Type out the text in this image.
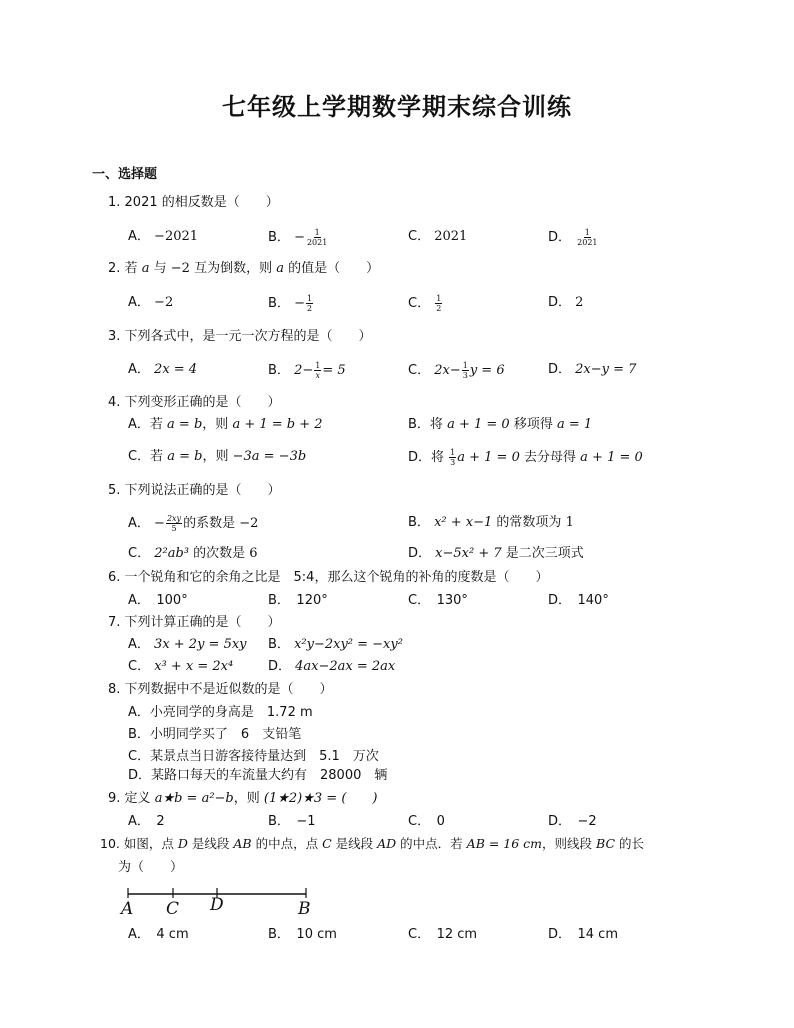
七年级上学期数学期末综合训练
一、选择题
1. 2021 的相反数是（　　）
A． −2021	B． − $\frac{1}{2021}$	C． 2021	D． $\frac{1}{2021}$
2. 若 a 与 −2 互为倒数，则 a 的值是（　　）
A． −2	B． − $\frac{1}{2}$	C． $\frac{1}{2}$	D． 2
3. 下列各式中，是一元一次方程的是（　　）
A． 2x = 4	B． $2- \frac{1}{x} = 5$	C． $2x- \frac{1}{3}$ y = 6	D． 2x−y = 7
4. 下列变形正确的是（　　）
A．若 a = b，则 a + 1 = b + 2	B．将 a + 1 = 0 移项得 a = 1
C．若 a = b，则 −3a = −3b	D．将 $\frac{1}{3}$ a + 1 = 0 去分母得 a + 1 = 0
5. 下列说法正确的是（　　）
A． − $\frac{2xy}{5}$ 的系数是 −2	B． x² + x−1 的常数项为 1
C． 2²ab³ 的次数是 6	D． x−5x² + 7 是二次三项式
6. 一个锐角和它的余角之比是　5:4，那么这个锐角的补角的度数是（　　）
A．　100°	B．　120°	C．　130°	D．　140°
7. 下列计算正确的是（　　）
A． 3x + 2y = 5xy B． x²y−2xy² = −xy²
C． x³ + x = 2x⁴	D． 4ax−2ax = 2ax
8. 下列数据中不是近似数的是（　　）
A．小亮同学的身高是　1.72 m
B．小明同学买了　6　支铅笔
C．某景点当日游客接待量达到　5.1　万次
D．某路口每天的车流量大约有　28000　辆
9. 定义 a★b = a²−b，则 (1★2)★3 = (　　)
A．　2	B．　−1	C．　0	D．　−2
10. 如图，点 D 是线段 AB 的中点，点 C 是线段 AD 的中点．若 AB = 16 cm，则线段 BC 的长
为（　　）
A C D	B
A．　4 cm	B．　10 cm	C．　12 cm	D．　14 cm
